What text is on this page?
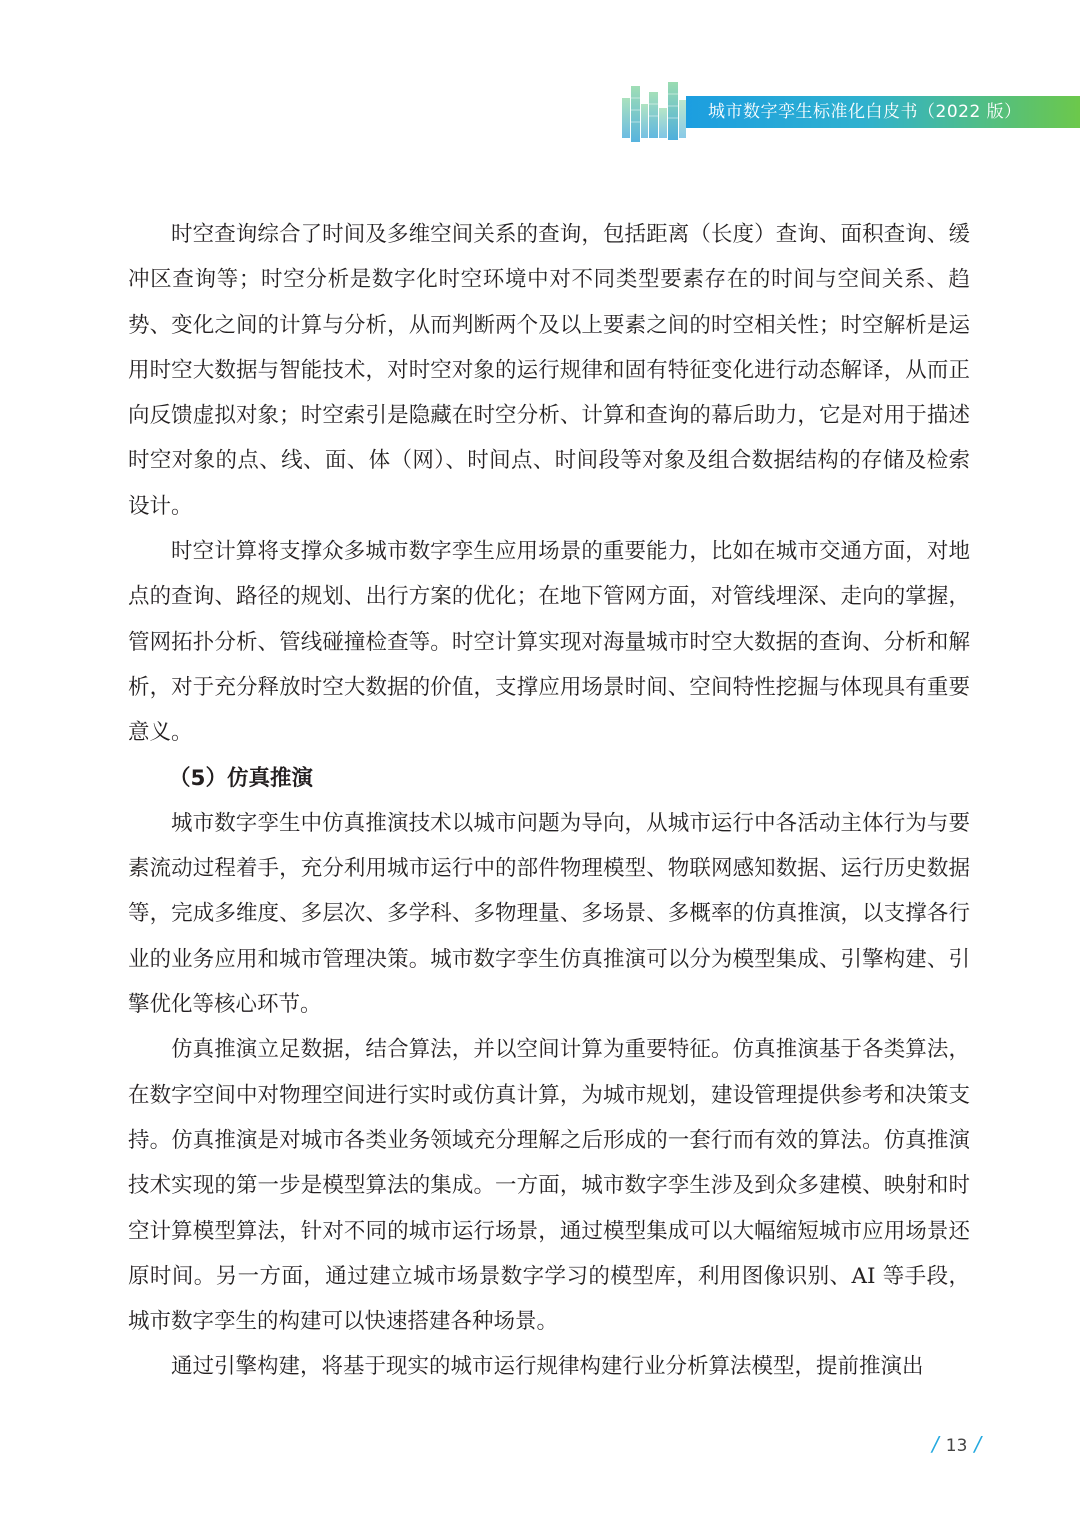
城市数字孪生标准化白皮书（2022 版）

时空查询综合了时间及多维空间关系的查询，包括距离（长度）查询、面积查询、缓冲区查询等；时空分析是数字化时空环境中对不同类型要素存在的时间与空间关系、趋势、变化之间的计算与分析，从而判断两个及以上要素之间的时空相关性；时空解析是运用时空大数据与智能技术，对时空对象的运行规律和固有特征变化进行动态解译，从而正向反馈虚拟对象；时空索引是隐藏在时空分析、计算和查询的幕后助力，它是对用于描述时空对象的点、线、面、体（网）、时间点、时间段等对象及组合数据结构的存储及检索设计。

时空计算将支撑众多城市数字孪生应用场景的重要能力，比如在城市交通方面，对地点的查询、路径的规划、出行方案的优化；在地下管网方面，对管线埋深、走向的掌握，管网拓扑分析、管线碰撞检查等。时空计算实现对海量城市时空大数据的查询、分析和解析，对于充分释放时空大数据的价值，支撑应用场景时间、空间特性挖掘与体现具有重要意义。

（5）仿真推演

城市数字孪生中仿真推演技术以城市问题为导向，从城市运行中各活动主体行为与要素流动过程着手，充分利用城市运行中的部件物理模型、物联网感知数据、运行历史数据等，完成多维度、多层次、多学科、多物理量、多场景、多概率的仿真推演，以支撑各行业的业务应用和城市管理决策。城市数字孪生仿真推演可以分为模型集成、引擎构建、引擎优化等核心环节。

仿真推演立足数据，结合算法，并以空间计算为重要特征。仿真推演基于各类算法，在数字空间中对物理空间进行实时或仿真计算，为城市规划，建设管理提供参考和决策支持。仿真推演是对城市各类业务领域充分理解之后形成的一套行而有效的算法。仿真推演技术实现的第一步是模型算法的集成。一方面，城市数字孪生涉及到众多建模、映射和时空计算模型算法，针对不同的城市运行场景，通过模型集成可以大幅缩短城市应用场景还原时间。另一方面，通过建立城市场景数字学习的模型库，利用图像识别、AI 等手段，城市数字孪生的构建可以快速搭建各种场景。

通过引擎构建，将基于现实的城市运行规律构建行业分析算法模型，提前推演出

/ 13 /
